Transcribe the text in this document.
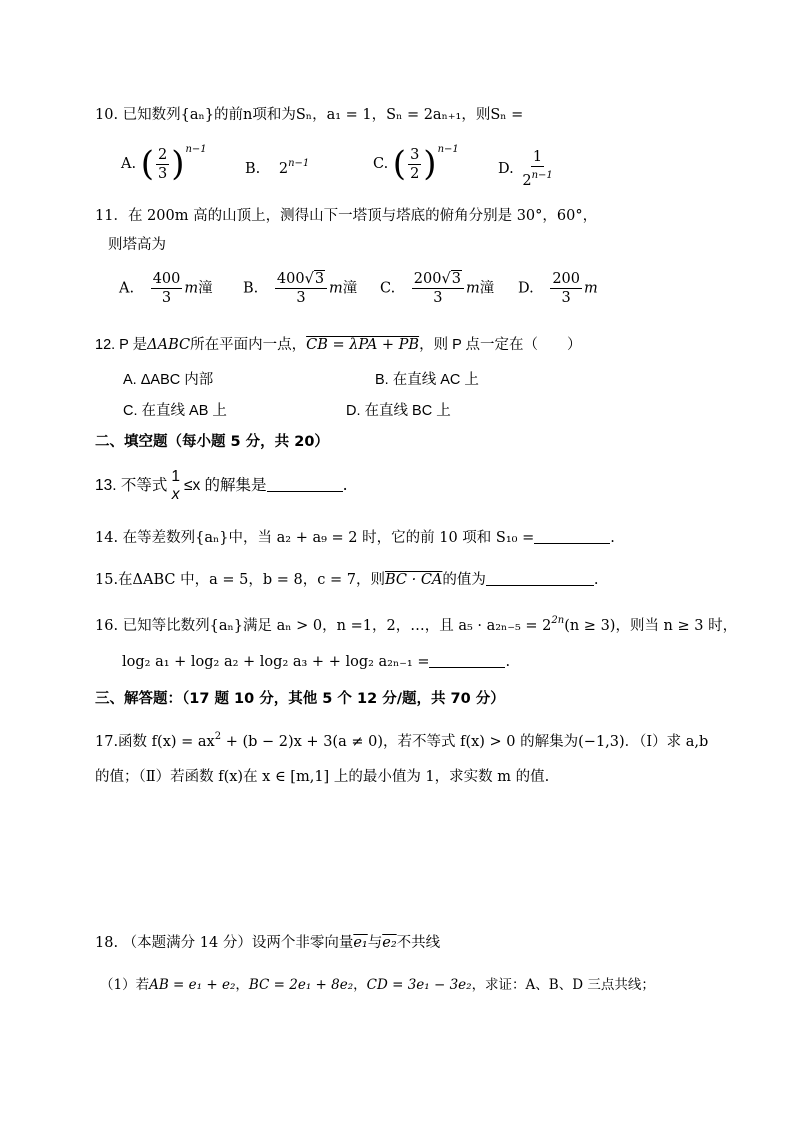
10. 已知数列{aₙ}的前n项和为Sₙ，a₁ = 1，Sₙ = 2aₙ₊₁，则Sₙ =
A. ( $\frac{2}{3} )^{n-1}$
B. $2^{n-1}$	C. ( $\frac{3}{2} )^{n-1}$
D. $\frac{1}{2^{n-1}}$
11．在 200m 高的山顶上，测得山下一塔顶与塔底的俯角分别是 30°，60°，
则塔高为
A. $\frac{400}{3}$ m潼 B. $\frac{400√3}{3}$ m潼 C. $\frac{200√3}{3}$ m潼 D. $\frac{200}{3}$ m
12. P 是ΔABC所在平面内一点，CB = λPA + PB，则 P 点一定在（　　）
A. ΔABC 内部	B. 在直线 AC 上
C. 在直线 AB 上	D. 在直线 BC 上
二、填空题（每小题 5 分，共 20）
13. 不等式
1
x
≤x 的解集是	.
14. 在等差数列{aₙ}中，当 a₂ + a₉ = 2 时，它的前 10 项和 S₁₀ =	.
15.在ΔABC 中，a = 5，b = 8，c = 7，则BC · CA的值为	.
16. 已知等比数列{aₙ}满足 aₙ > 0，n =1，2，…，且 $a_5 \cdot a_{2n-5} = 2^{2n}(n \ge 3)$，则当 n ≥ 3 时，
log₂ a₁ + log₂ a₂ + log₂ a₃ + + log₂ a₂ₙ₋₁ =	.
三、解答题：（17 题 10 分，其他 5 个 12 分/题，共 70 分）
17.函数 $f(x) = ax^2 + (b - 2)x + 3(a \ne 0)$，若不等式 f(x) > 0 的解集为(−1,3)．（Ⅰ）求 a,b
的值；（Ⅱ）若函数 f(x)在 x ∈ [m,1] 上的最小值为 1，求实数 m 的值.
18. （本题满分 14 分）设两个非零向量e₁与e₂不共线
（1）若AB = e₁ + e₂，BC = 2e₁ + 8e₂，CD = 3e₁ − 3e₂，求证：A、B、D 三点共线；
